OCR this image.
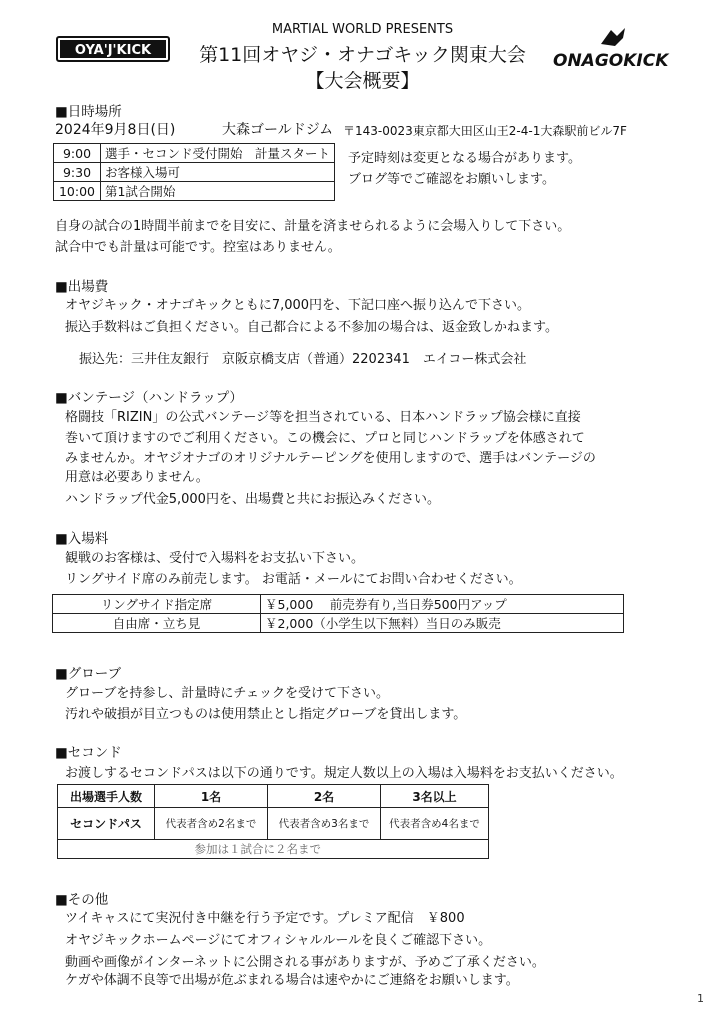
OYA'J'KICK
MARTIAL WORLD PRESENTS
第11回オヤジ・オナゴキック関東大会
【大会概要】
ONAGOKICK
■日時場所
2024年9月8日(日)	大森ゴールドジム 〒143-0023東京都大田区山王2-4-1大森駅前ビル7F
9:00	選手・セコンド受付開始　計量スタート
9:30	お客様入場可
10:00	第1試合開始
予定時刻は変更となる場合があります。
ブログ等でご確認をお願いします。
自身の試合の1時間半前までを目安に、計量を済ませられるように会場入りして下さい。
試合中でも計量は可能です。控室はありません。
■出場費
オヤジキック・オナゴキックともに7,000円を、下記口座へ振り込んで下さい。
振込手数料はご負担ください。自己都合による不参加の場合は、返金致しかねます。
振込先：三井住友銀行　京阪京橋支店（普通）2202341　エイコー株式会社
■バンテージ（ハンドラップ）
格闘技「RIZIN」の公式バンテージ等を担当されている、日本ハンドラップ協会様に直接
巻いて頂けますのでご利用ください。この機会に、プロと同じハンドラップを体感されて
みませんか。オヤジオナゴのオリジナルテーピングを使用しますので、選手はバンテージの
用意は必要ありません。
ハンドラップ代金5,000円を、出場費と共にお振込みください。
■入場料
観戦のお客様は、受付で入場料をお支払い下さい。
リングサイド席のみ前売します。 お電話・メールにてお問い合わせください。
リングサイド指定席	￥5,000　 前売券有り,当日券500円アップ
自由席・立ち見	￥2,000（小学生以下無料）当日のみ販売
■グローブ
グローブを持参し、計量時にチェックを受けて下さい。
汚れや破損が目立つものは使用禁止とし指定グローブを貸出します。
■セコンド
お渡しするセコンドパスは以下の通りです。規定人数以上の入場は入場料をお支払いください。
出場選手人数	1名	2名	3名以上
セコンドパス	代表者含め2名まで	代表者含め3名まで	代表者含め4名まで
	参加は１試合に２名まで		
■その他
ツイキャスにて実況付き中継を行う予定です。プレミア配信　￥800
オヤジキックホームページにてオフィシャルルールを良くご確認下さい。
動画や画像がインターネットに公開される事がありますが、予めご了承ください。
ケガや体調不良等で出場が危ぶまれる場合は速やかにご連絡をお願いします。
1
